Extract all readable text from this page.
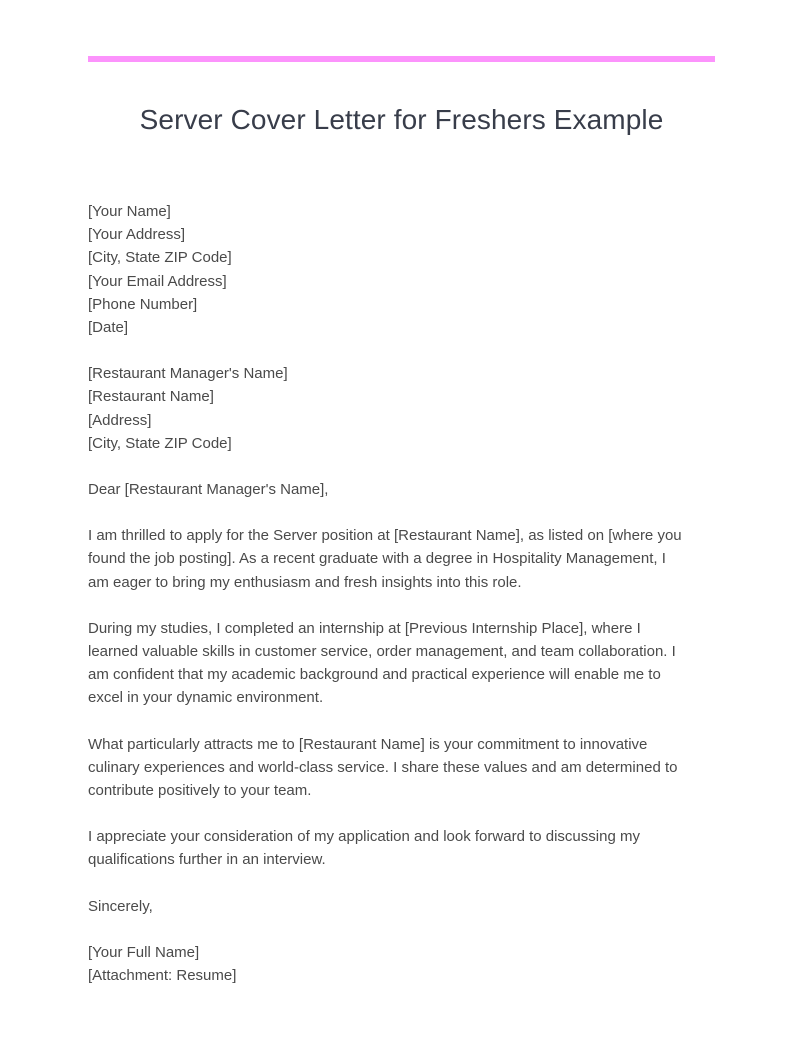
Server Cover Letter for Freshers Example
[Your Name]
[Your Address]
[City, State ZIP Code]
[Your Email Address]
[Phone Number]
[Date]
[Restaurant Manager's Name]
[Restaurant Name]
[Address]
[City, State ZIP Code]

Dear [Restaurant Manager's Name],

I am thrilled to apply for the Server position at [Restaurant Name], as listed on [where you found the job posting]. As a recent graduate with a degree in Hospitality Management, I am eager to bring my enthusiasm and fresh insights into this role.

During my studies, I completed an internship at [Previous Internship Place], where I learned valuable skills in customer service, order management, and team collaboration. I am confident that my academic background and practical experience will enable me to excel in your dynamic environment.

What particularly attracts me to [Restaurant Name] is your commitment to innovative culinary experiences and world-class service. I share these values and am determined to contribute positively to your team.

I appreciate your consideration of my application and look forward to discussing my qualifications further in an interview.

Sincerely,

[Your Full Name]
[Attachment: Resume]
